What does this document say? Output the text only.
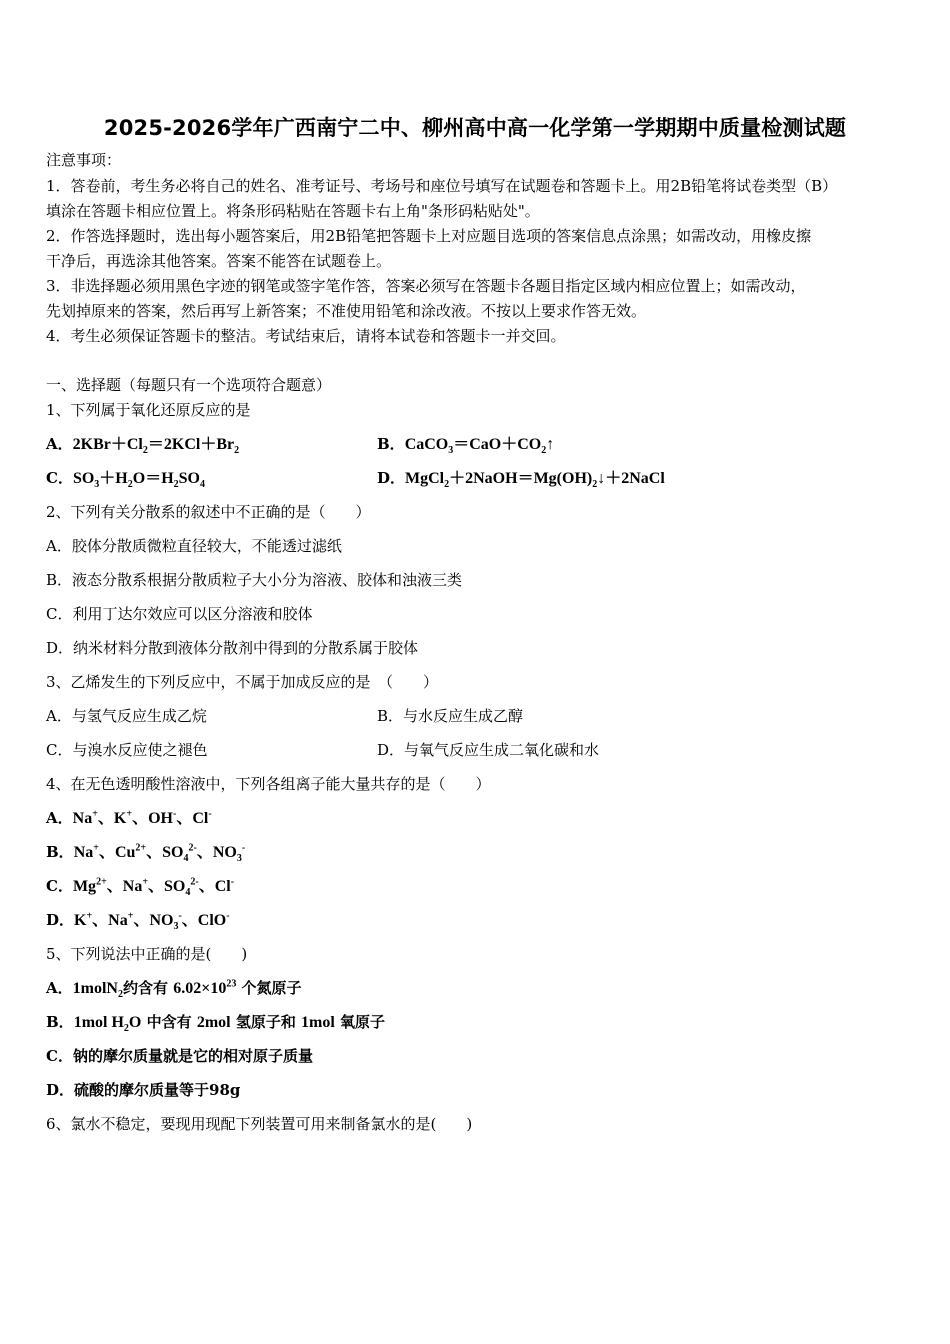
2025-2026学年广西南宁二中、柳州高中高一化学第一学期期中质量检测试题
注意事项：
1．答卷前，考生务必将自己的姓名、准考证号、考场号和座位号填写在试题卷和答题卡上。用2B铅笔将试卷类型（B）
填涂在答题卡相应位置上。将条形码粘贴在答题卡右上角"条形码粘贴处"。
2．作答选择题时，选出每小题答案后，用2B铅笔把答题卡上对应题目选项的答案信息点涂黑；如需改动，用橡皮擦
干净后，再选涂其他答案。答案不能答在试题卷上。
3．非选择题必须用黑色字迹的钢笔或签字笔作答，答案必须写在答题卡各题目指定区域内相应位置上；如需改动，
先划掉原来的答案，然后再写上新答案；不准使用铅笔和涂改液。不按以上要求作答无效。
4．考生必须保证答题卡的整洁。考试结束后，请将本试卷和答题卡一并交回。
一、选择题（每题只有一个选项符合题意）
1、下列属于氧化还原反应的是
A．$2KBr+Cl_2=2KCl+Br_2$	B．$CaCO_3=CaO+CO_2↑$
C．$SO_3+H_2O=H_2SO_4$	D．$MgCl_2+2NaOH=Mg(OH)_2↓+2NaCl$
2、下列有关分散系的叙述中不正确的是（　　）
A．胶体分散质微粒直径较大，不能透过滤纸
B．液态分散系根据分散质粒子大小分为溶液、胶体和浊液三类
C．利用丁达尔效应可以区分溶液和胶体
D．纳米材料分散到液体分散剂中得到的分散系属于胶体
3、乙烯发生的下列反应中，不属于加成反应的是　（　　）
A．与氢气反应生成乙烷	B．与水反应生成乙醇
C．与溴水反应使之褪色	D．与氧气反应生成二氧化碳和水
4、在无色透明酸性溶液中，下列各组离子能大量共存的是（　　）
A．Na+、K+、OH-、Cl-
B．Na+、$Cu^{2+}$、$SO_4^{2-}$、$NO_3^-$
C．$Mg^{2+}$、Na+、$SO_4^{2-}$、Cl-
D．K+、Na+、$NO_3^-$、ClO-
5、下列说法中正确的是(　　)
A．1molN$_2$约含有 $6.02\times 10^{23}$ 个氮原子
B．1mol $H_2O$ 中含有 2mol 氢原子和 1mol 氧原子
C．钠的摩尔质量就是它的相对原子质量
D．硫酸的摩尔质量等于98g
6、氯水不稳定，要现用现配下列装置可用来制备氯水的是(　　)
